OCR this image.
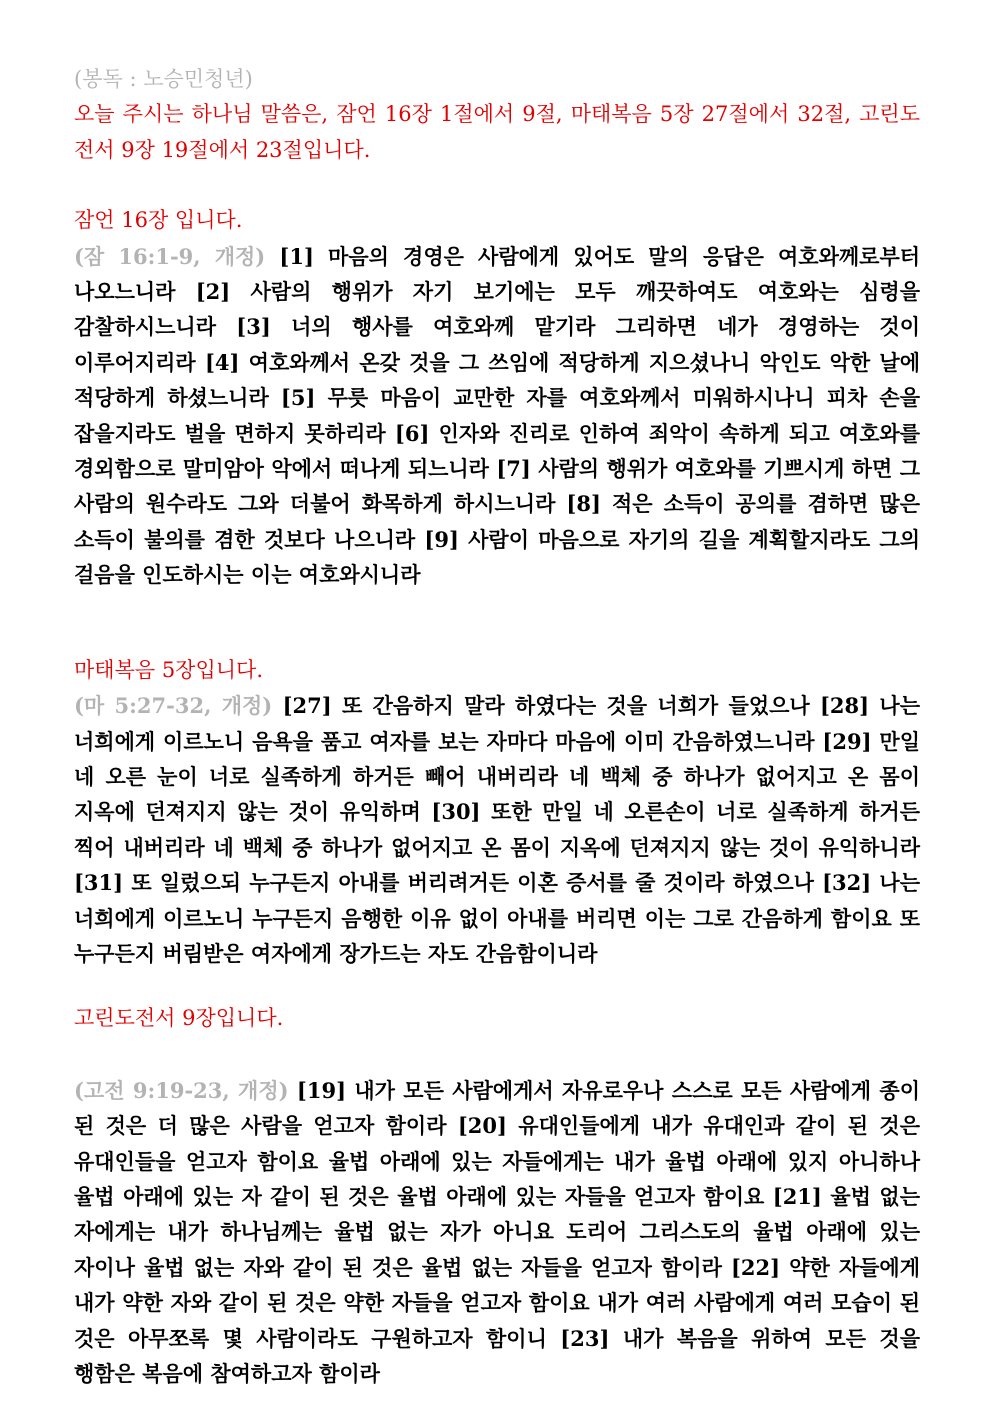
(봉독 : 노승민청년)

오늘 주시는 하나님 말씀은, 잠언 16장 1절에서 9절, 마태복음 5장 27절에서 32절, 고린도전서 9장 19절에서 23절입니다.

잠언 16장 입니다.

(잠 16:1-9, 개정) [1] 마음의 경영은 사람에게 있어도 말의 응답은 여호와께로부터 나오느니라 [2] 사람의 행위가 자기 보기에는 모두 깨끗하여도 여호와는 심령을 감찰하시느니라 [3] 너의 행사를 여호와께 맡기라 그리하면 네가 경영하는 것이 이루어지리라 [4] 여호와께서 온갖 것을 그 쓰임에 적당하게 지으셨나니 악인도 악한 날에 적당하게 하셨느니라 [5] 무릇 마음이 교만한 자를 여호와께서 미워하시나니 피차 손을 잡을지라도 벌을 면하지 못하리라 [6] 인자와 진리로 인하여 죄악이 속하게 되고 여호와를 경외함으로 말미암아 악에서 떠나게 되느니라 [7] 사람의 행위가 여호와를 기쁘시게 하면 그 사람의 원수라도 그와 더불어 화목하게 하시느니라 [8] 적은 소득이 공의를 겸하면 많은 소득이 불의를 겸한 것보다 나으니라 [9] 사람이 마음으로 자기의 길을 계획할지라도 그의 걸음을 인도하시는 이는 여호와시니라

마태복음 5장입니다.

(마 5:27-32, 개정) [27] 또 간음하지 말라 하였다는 것을 너희가 들었으나 [28] 나는 너희에게 이르노니 음욕을 품고 여자를 보는 자마다 마음에 이미 간음하였느니라 [29] 만일 네 오른 눈이 너로 실족하게 하거든 빼어 내버리라 네 백체 중 하나가 없어지고 온 몸이 지옥에 던져지지 않는 것이 유익하며 [30] 또한 만일 네 오른손이 너로 실족하게 하거든 찍어 내버리라 네 백체 중 하나가 없어지고 온 몸이 지옥에 던져지지 않는 것이 유익하니라 [31] 또 일렀으되 누구든지 아내를 버리려거든 이혼 증서를 줄 것이라 하였으나 [32] 나는 너희에게 이르노니 누구든지 음행한 이유 없이 아내를 버리면 이는 그로 간음하게 함이요 또 누구든지 버림받은 여자에게 장가드는 자도 간음함이니라

고린도전서 9장입니다.

(고전 9:19-23, 개정) [19] 내가 모든 사람에게서 자유로우나 스스로 모든 사람에게 종이 된 것은 더 많은 사람을 얻고자 함이라 [20] 유대인들에게 내가 유대인과 같이 된 것은 유대인들을 얻고자 함이요 율법 아래에 있는 자들에게는 내가 율법 아래에 있지 아니하나 율법 아래에 있는 자 같이 된 것은 율법 아래에 있는 자들을 얻고자 함이요 [21] 율법 없는 자에게는 내가 하나님께는 율법 없는 자가 아니요 도리어 그리스도의 율법 아래에 있는 자이나 율법 없는 자와 같이 된 것은 율법 없는 자들을 얻고자 함이라 [22] 약한 자들에게 내가 약한 자와 같이 된 것은 약한 자들을 얻고자 함이요 내가 여러 사람에게 여러 모습이 된 것은 아무쪼록 몇 사람이라도 구원하고자 함이니 [23] 내가 복음을 위하여 모든 것을 행함은 복음에 참여하고자 함이라
